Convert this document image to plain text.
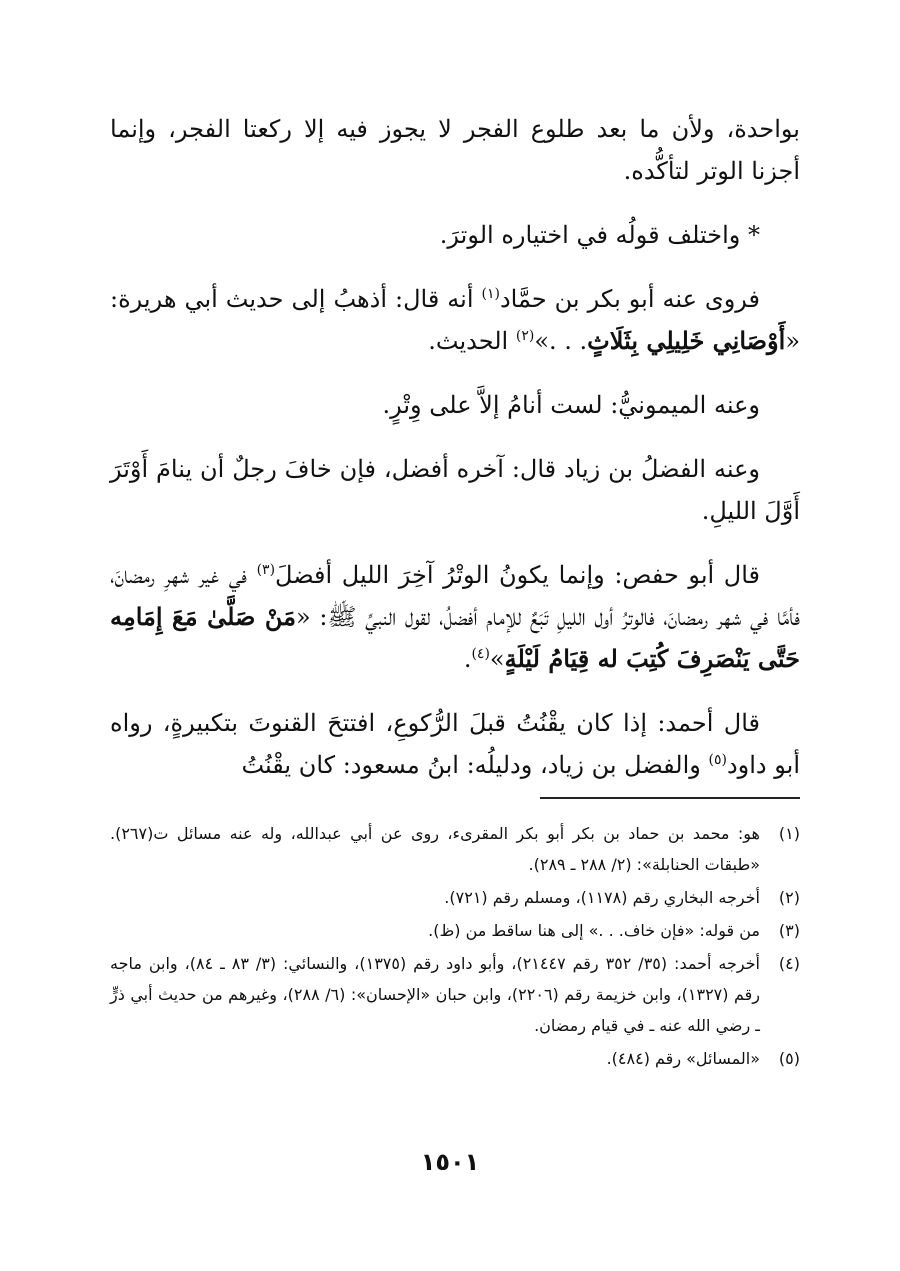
بواحدة، ولأن ما بعد طلوع الفجر لا يجوز فيه إلا ركعتا الفجر، وإنما أجزنا الوتر لتأكُّده.

* واختلف قولُه في اختياره الوترَ.

فروى عنه أبو بكر بن حمَّاد$^{(١)}$ أنه قال: أذهبُ إلى حديث أبي هريرة: «أَوْصَانِي خَلِيلِي بِثَلَاثٍ. . .»$^{(٢)}$ الحديث.

وعنه الميمونيُّ: لست أنامُ إلاَّ على وِتْرٍ.

وعنه الفضلُ بن زياد قال: آخره أفضل، فإن خافَ رجلٌ أن ينامَ أَوْتَرَ أَوَّلَ الليلِ.

قال أبو حفص: وإنما يكونُ الوتْرُ آخِرَ الليل أفضلَ$^{(٣)}$ في غير شهرِ رمضانَ، فأمَّا في شهر رمضانَ، فالوترُ أول الليلِ تَبَعٌ للإمام أفضلُ، لقول النبيِّ ﷺ: «مَنْ صَلَّىٰ مَعَ إِمَامِه حَتَّى يَنْصَرِفَ كُتِبَ له قِيَامُ لَيْلَةٍ»$^{(٤)}$.

قال أحمد: إذا كان يقْنُتُ قبلَ الرُّكوعِ، افتتحَ القنوتَ بتكبيرةٍ، رواه أبو داود$^{(٥)}$ والفضل بن زياد، ودليلُه: ابنُ مسعود: كان يقْنُتُ

(١)
هو: محمد بن حماد بن بكر أبو بكر المقرىء، روى عن أبي عبدالله، وله عنه مسائل ت(٢٦٧). «طبقات الحنابلة»: (٢/ ٢٨٨ ـ ٢٨٩).
(٢)
أخرجه البخاري رقم (١١٧٨)، ومسلم رقم (٧٢١).
(٣)
من قوله: «فإن خاف. . .» إلى هنا ساقط من (ظ).
(٤)
أخرجه أحمد: (٣٥/ ٣٥٢ رقم ٢١٤٤٧)، وأبو داود رقم (١٣٧٥)، والنسائي: (٣/ ٨٣ ـ ٨٤)، وابن ماجه رقم (١٣٢٧)، وابن خزيمة رقم (٢٢٠٦)، وابن حبان «الإحسان»: (٦/ ٢٨٨)، وغيرهم من حديث أبي ذرٍّ ـ رضي الله عنه ـ في قيام رمضان.
(٥)
«المسائل» رقم (٤٨٤).
١٥٠١
